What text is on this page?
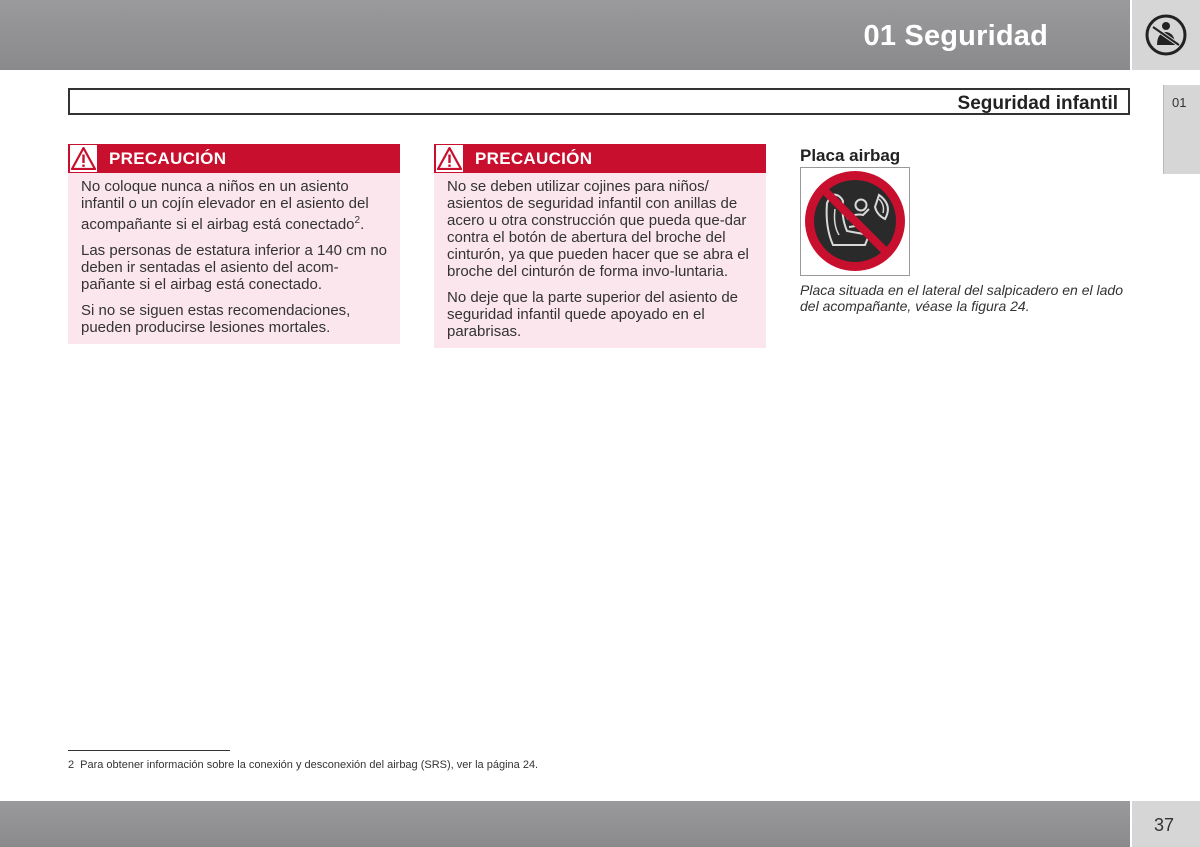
01 Seguridad
01
Seguridad infantil
PRECAUCIÓN

No coloque nunca a niños en un asiento infantil o un cojín elevador en el asiento del acompañante si el airbag está conectado$^2$.

Las personas de estatura inferior a 140 cm no deben ir sentadas el asiento del acom-pañante si el airbag está conectado.

Si no se siguen estas recomendaciones, pueden producirse lesiones mortales.

PRECAUCIÓN

No se deben utilizar cojines para niños/ asientos de seguridad infantil con anillas de acero u otra construcción que pueda que-dar contra el botón de abertura del broche del cinturón, ya que pueden hacer que se abra el broche del cinturón de forma invo-luntaria.

No deje que la parte superior del asiento de seguridad infantil quede apoyado en el parabrisas.

Placa airbag
Placa situada en el lateral del salpicadero en el lado del acompañante, véase la figura 24.
2 Para obtener información sobre la conexión y desconexión del airbag (SRS), ver la página 24.
37
